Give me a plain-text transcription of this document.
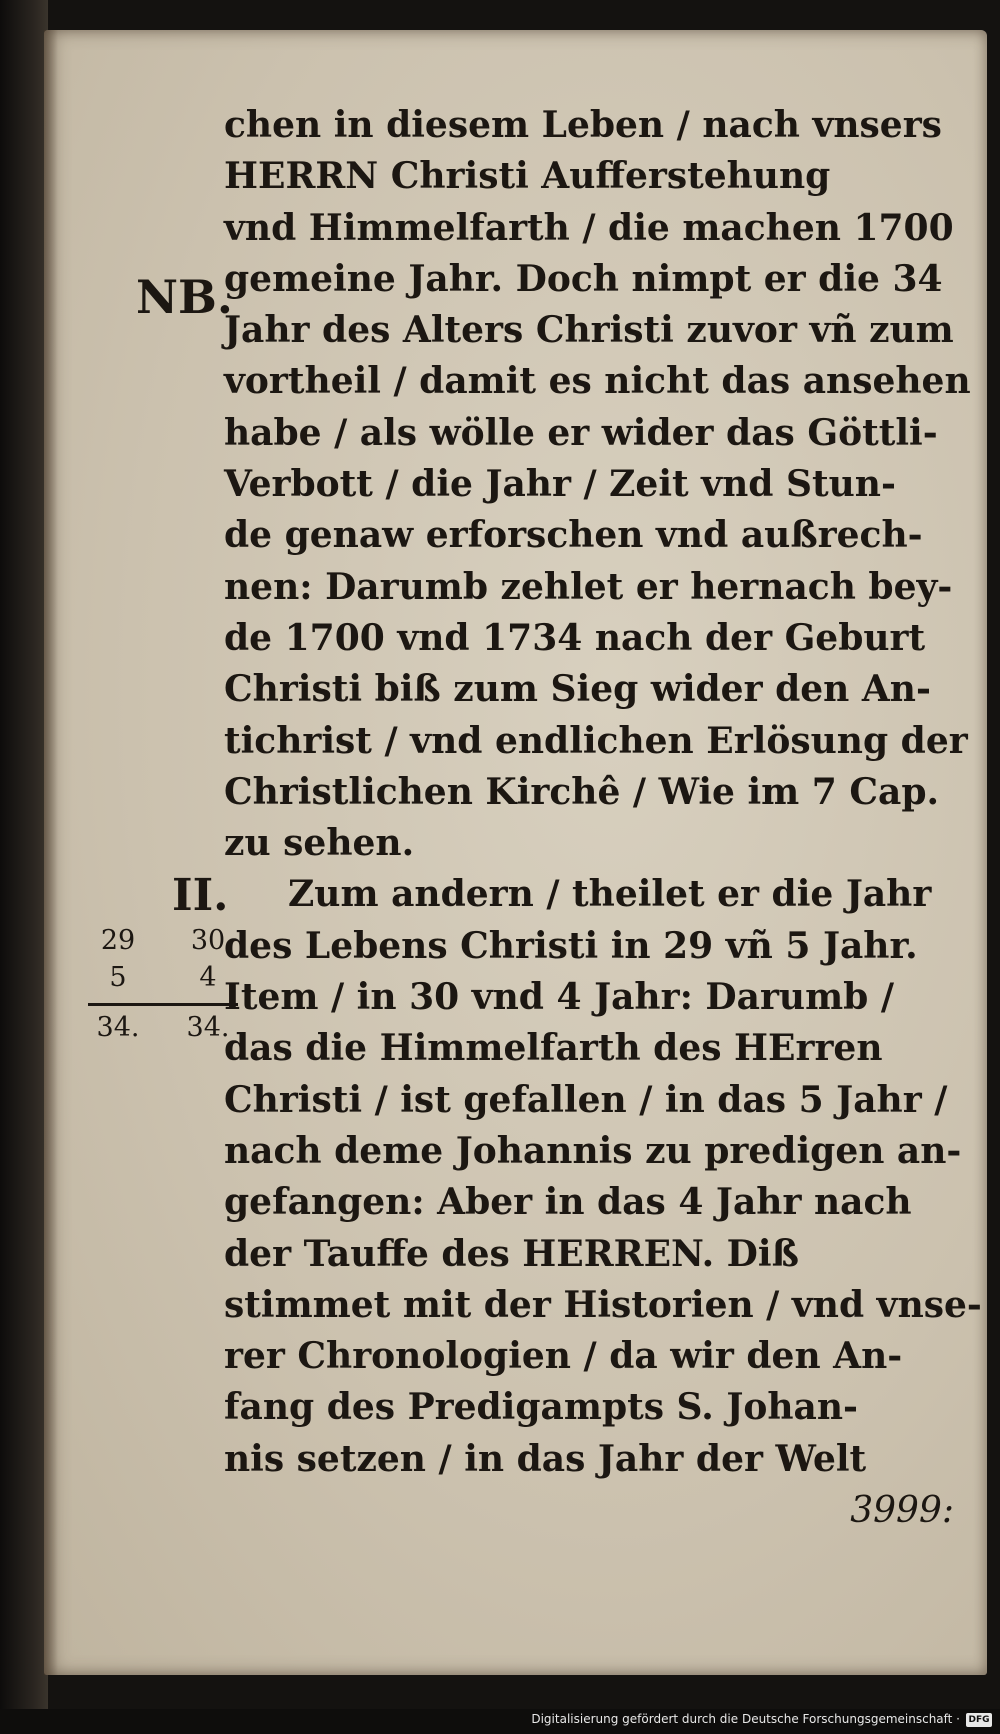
NB.
II.
29	30
5	4
34.	34.
chen in diesem Leben / nach vnsers
HERRN Christi Aufferstehung
vnd Himmelfarth / die machen 1700
gemeine Jahr. Doch nimpt er die 34
Jahr des Alters Christi zuvor vñ zum
vortheil / damit es nicht das ansehen
habe / als wölle er wider das Göttli-
Verbott / die Jahr / Zeit vnd Stun-
de genaw erforschen vnd außrech-
nen: Darumb zehlet er hernach bey-
de 1700 vnd 1734 nach der Geburt
Christi biß zum Sieg wider den An-
tichrist / vnd endlichen Erlösung der
Christlichen Kirchê / Wie im 7 Cap.
zu sehen.
Zum andern / theilet er die Jahr
des Lebens Christi in 29 vñ 5 Jahr.
Item / in 30 vnd 4 Jahr: Darumb /
das die Himmelfarth des HErren
Christi / ist gefallen / in das 5 Jahr /
nach deme Johannis zu predigen an-
gefangen: Aber in das 4 Jahr nach
der Tauffe des HERREN. Diß
stimmet mit der Historien / vnd vnse-
rer Chronologien / da wir den An-
fang des Predigampts S. Johan-
nis setzen / in das Jahr der Welt
3999:
Digitalisierung gefördert durch die Deutsche Forschungsgemeinschaft · DFG
